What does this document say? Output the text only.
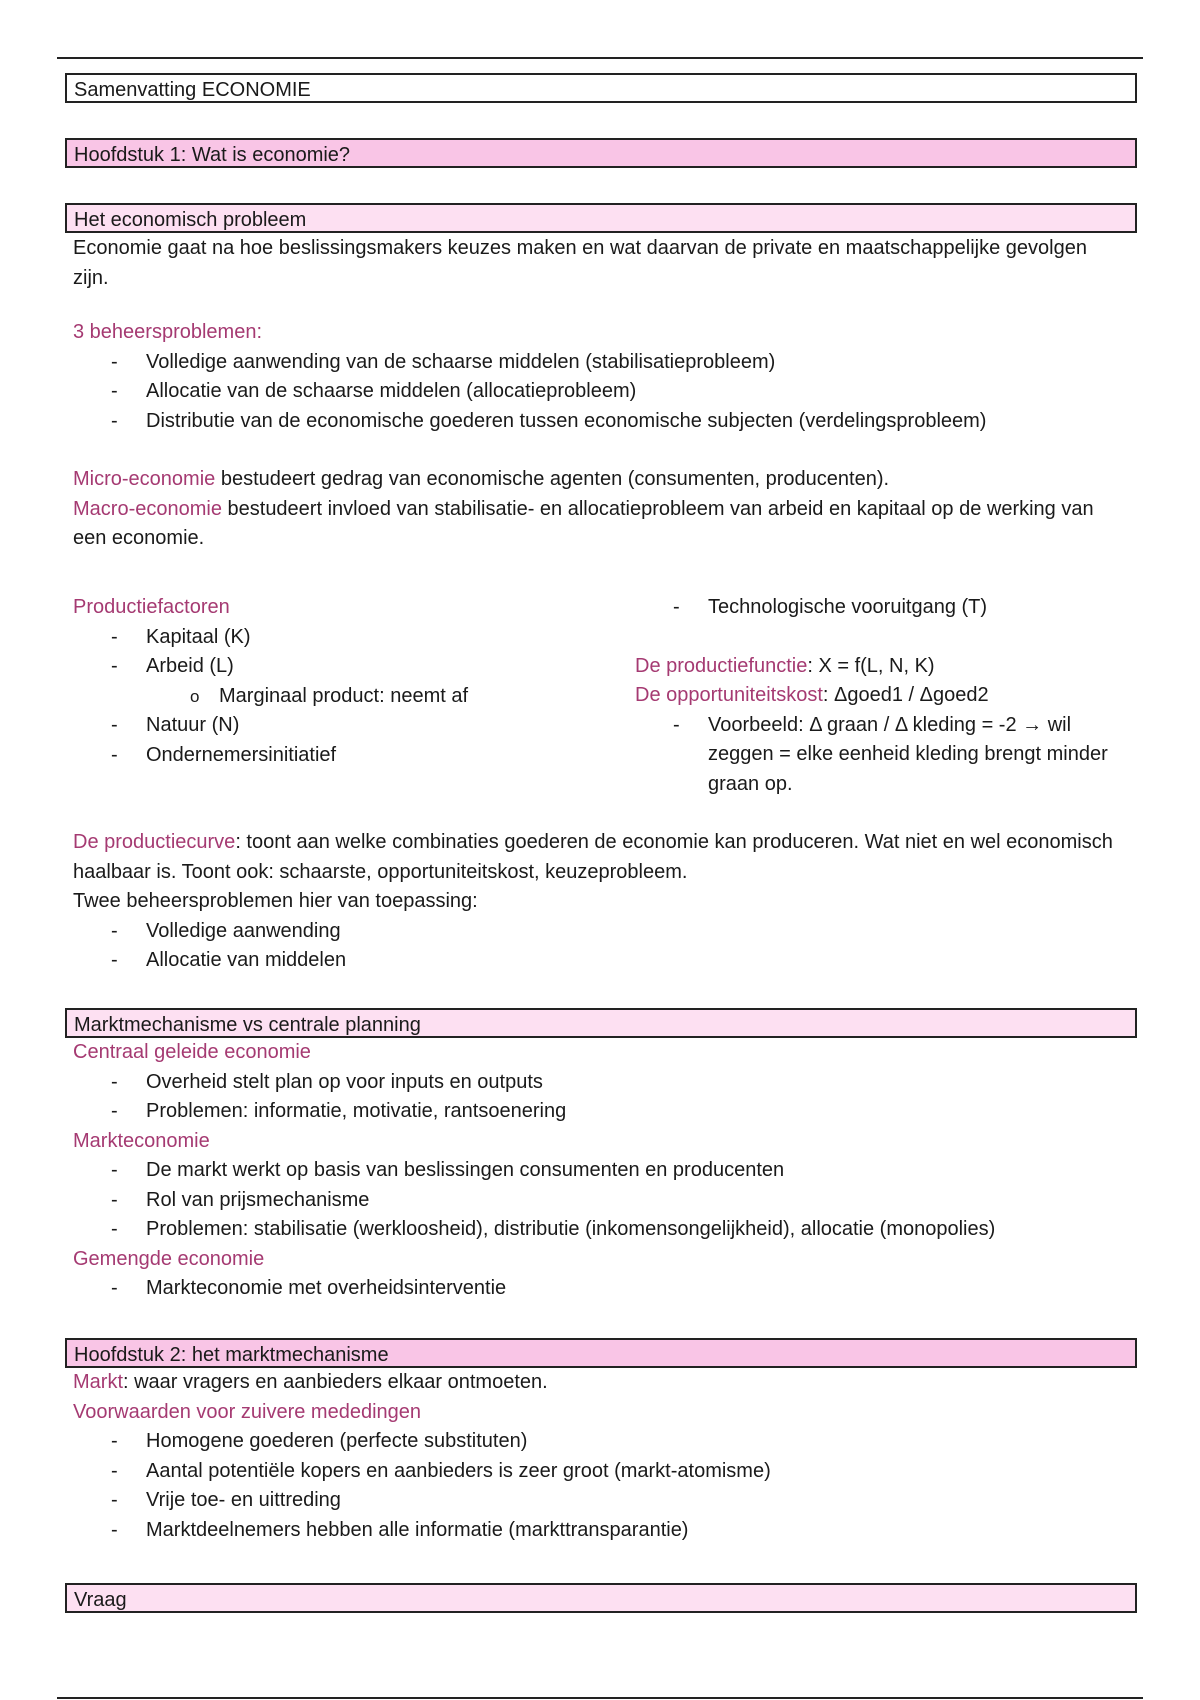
Samenvatting ECONOMIE
Hoofdstuk 1: Wat is economie?
Het economisch probleem
Economie gaat na hoe beslissingsmakers keuzes maken en wat daarvan de private en maatschappelijke gevolgen zijn.
3 beheersproblemen:
- Volledige aanwending van de schaarse middelen (stabilisatieprobleem)
- Allocatie van de schaarse middelen (allocatieprobleem)
- Distributie van de economische goederen tussen economische subjecten (verdelingsprobleem)
Micro-economie bestudeert gedrag van economische agenten (consumenten, producenten).
Macro-economie bestudeert invloed van stabilisatie- en allocatieprobleem van arbeid en kapitaal op de werking van een economie.
Productiefactoren
- Kapitaal (K)
- Arbeid (L)
o Marginaal product: neemt af
- Natuur (N)
- Ondernemersinitiatief
- Technologische vooruitgang (T)
De productiefunctie: X = f(L, N, K)
De opportuniteitskost: Δgoed1 / Δgoed2
- Voorbeeld: Δ graan / Δ kleding = -2 → wil zeggen = elke eenheid kleding brengt minder graan op.
De productiecurve: toont aan welke combinaties goederen de economie kan produceren. Wat niet en wel economisch haalbaar is. Toont ook: schaarste, opportuniteitskost, keuzeprobleem.
Twee beheersproblemen hier van toepassing:
- Volledige aanwending
- Allocatie van middelen
Marktmechanisme vs centrale planning
Centraal geleide economie
- Overheid stelt plan op voor inputs en outputs
- Problemen: informatie, motivatie, rantsoenering
Markteconomie
- De markt werkt op basis van beslissingen consumenten en producenten
- Rol van prijsmechanisme
- Problemen: stabilisatie (werkloosheid), distributie (inkomensongelijkheid), allocatie (monopolies)
Gemengde economie
- Markteconomie met overheidsinterventie
Hoofdstuk 2: het marktmechanisme
Markt: waar vragers en aanbieders elkaar ontmoeten.
Voorwaarden voor zuivere mededingen
- Homogene goederen (perfecte substituten)
- Aantal potentiële kopers en aanbieders is zeer groot (markt-atomisme)
- Vrije toe- en uittreding
- Marktdeelnemers hebben alle informatie (markttransparantie)
Vraag
